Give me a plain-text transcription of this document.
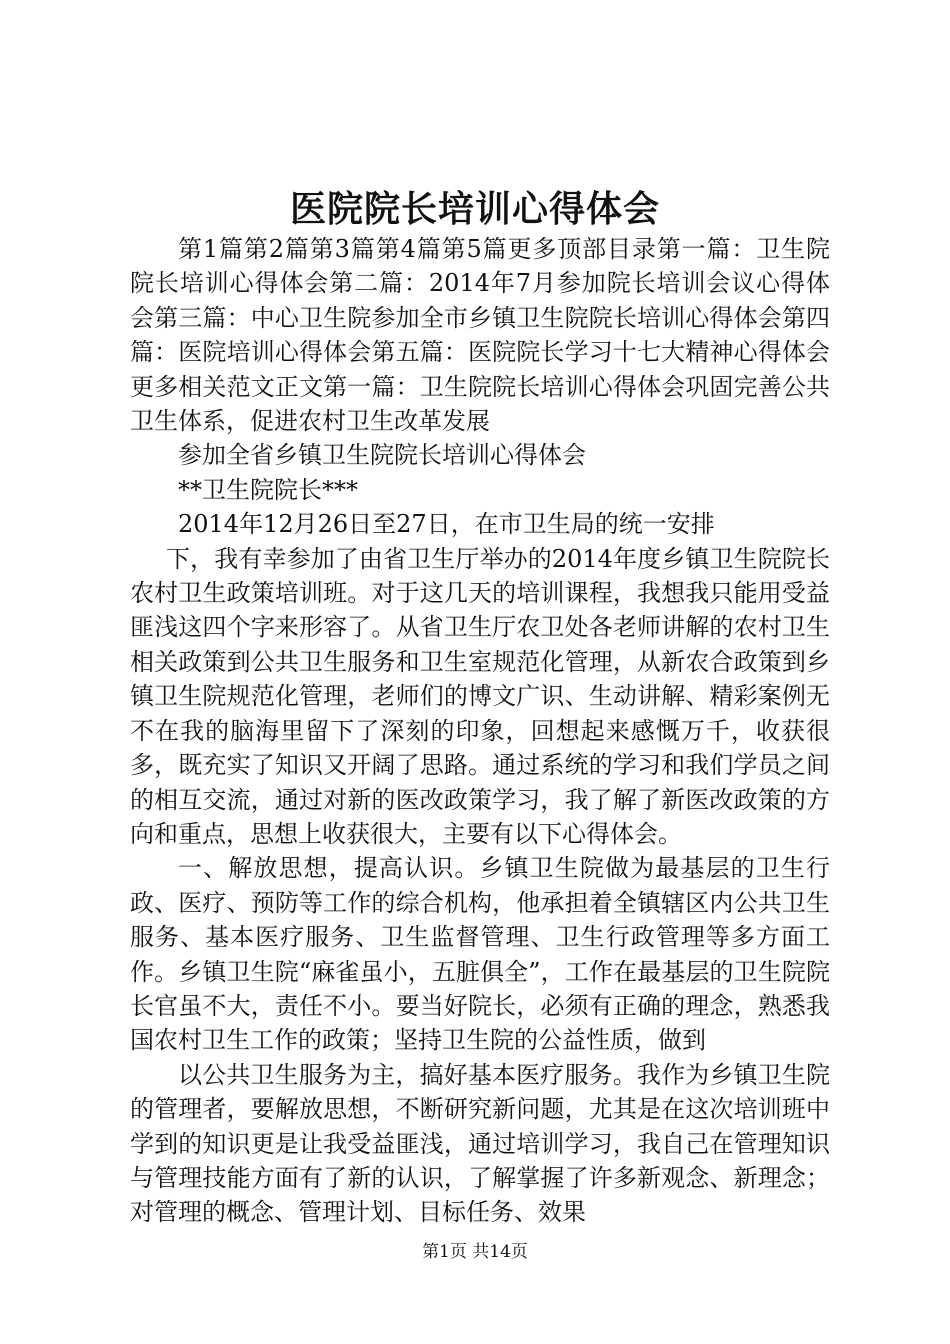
医院院长培训心得体会

第1篇第2篇第3篇第4篇第5篇更多顶部目录第一篇：卫生院院长培训心得体会第二篇：2014年7月参加院长培训会议心得体会第三篇：中心卫生院参加全市乡镇卫生院院长培训心得体会第四篇：医院培训心得体会第五篇：医院院长学习十七大精神心得体会更多相关范文正文第一篇：卫生院院长培训心得体会巩固完善公共卫生体系，促进农村卫生改革发展

参加全省乡镇卫生院院长培训心得体会

**卫生院院长***

2014年12月26日至27日，在市卫生局的统一安排

下，我有幸参加了由省卫生厅举办的2014年度乡镇卫生院院长农村卫生政策培训班。对于这几天的培训课程，我想我只能用受益匪浅这四个字来形容了。从省卫生厅农卫处各老师讲解的农村卫生相关政策到公共卫生服务和卫生室规范化管理，从新农合政策到乡镇卫生院规范化管理，老师们的博文广识、生动讲解、精彩案例无不在我的脑海里留下了深刻的印象，回想起来感慨万千，收获很多，既充实了知识又开阔了思路。通过系统的学习和我们学员之间的相互交流，通过对新的医改政策学习，我了解了新医改政策的方向和重点，思想上收获很大，主要有以下心得体会。

一、解放思想，提高认识。乡镇卫生院做为最基层的卫生行政、医疗、预防等工作的综合机构，他承担着全镇辖区内公共卫生服务、基本医疗服务、卫生监督管理、卫生行政管理等多方面工作。乡镇卫生院“麻雀虽小，五脏俱全”，工作在最基层的卫生院院长官虽不大，责任不小。要当好院长，必须有正确的理念，熟悉我国农村卫生工作的政策；坚持卫生院的公益性质，做到

以公共卫生服务为主，搞好基本医疗服务。我作为乡镇卫生院的管理者，要解放思想，不断研究新问题，尤其是在这次培训班中学到的知识更是让我受益匪浅，通过培训学习，我自己在管理知识与管理技能方面有了新的认识，了解掌握了许多新观念、新理念；对管理的概念、管理计划、目标任务、效果

第1页 共14页
